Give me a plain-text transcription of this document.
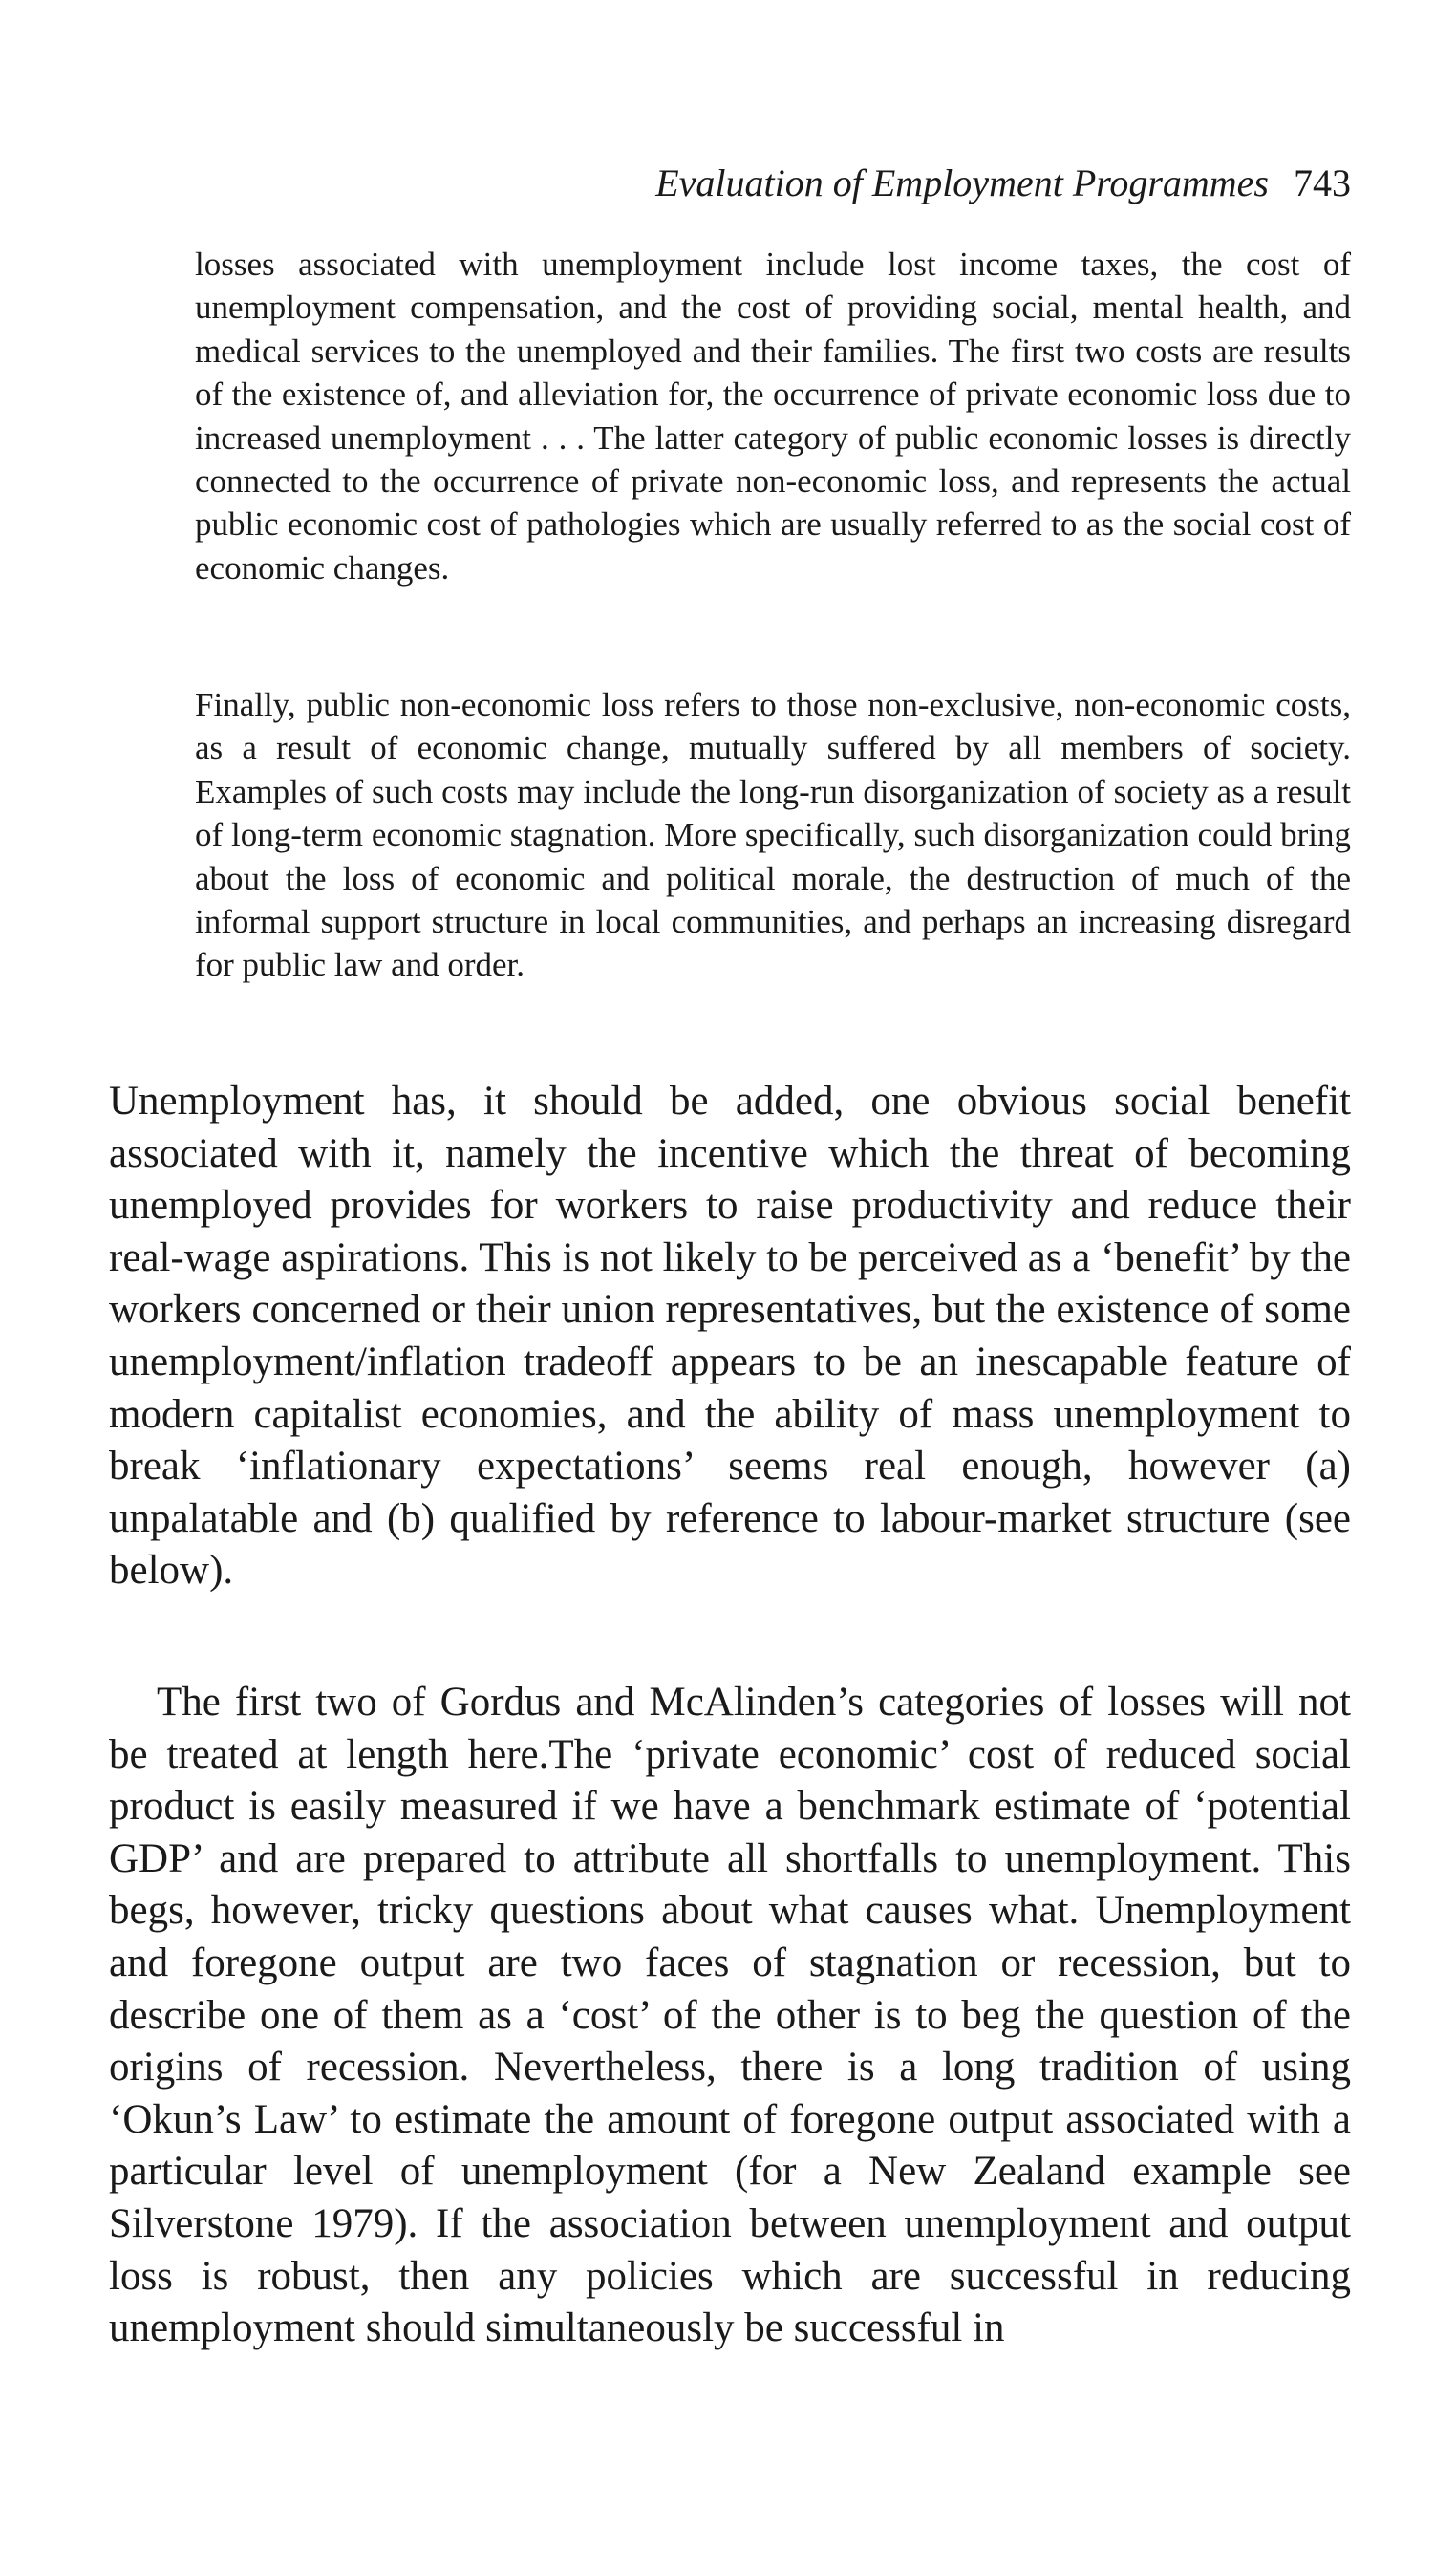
Evaluation of Employment Programmes 743

losses associated with unemployment include lost income taxes, the cost of unemployment compensation, and the cost of providing social, mental health, and medical services to the unemployed and their families. The first two costs are results of the existence of, and alleviation for, the occurrence of private economic loss due to increased unemployment . . . The latter category of public economic losses is directly connected to the occurrence of private non-economic loss, and represents the actual public economic cost of pathologies which are usually referred to as the social cost of economic changes.

Finally, public non-economic loss refers to those non-exclusive, non-economic costs, as a result of economic change, mutually suffered by all members of society. Examples of such costs may include the long-run disorganization of society as a result of long-term economic stagnation. More specifically, such disorganization could bring about the loss of economic and political morale, the destruction of much of the informal support structure in local communities, and perhaps an increasing disregard for public law and order.

Unemployment has, it should be added, one obvious social benefit associated with it, namely the incentive which the threat of becoming unemployed provides for workers to raise productivity and reduce their real-wage aspirations. This is not likely to be perceived as a ‘benefit’ by the workers concerned or their union representatives, but the existence of some unemployment/inflation tradeoff appears to be an inescapable feature of modern capitalist economies, and the ability of mass unemployment to break ‘inflationary expectations’ seems real enough, however (a) unpalatable and (b) qualified by reference to labour-market structure (see below).

The first two of Gordus and McAlinden’s categories of losses will not be treated at length here.The ‘private economic’ cost of reduced social product is easily measured if we have a benchmark estimate of ‘potential GDP’ and are prepared to attribute all shortfalls to unemployment. This begs, however, tricky questions about what causes what. Unemployment and foregone output are two faces of stagnation or recession, but to describe one of them as a ‘cost’ of the other is to beg the question of the origins of recession. Nevertheless, there is a long tradition of using ‘Okun’s Law’ to estimate the amount of foregone output associated with a particular level of unemployment (for a New Zealand example see Silverstone 1979). If the association between unemployment and output loss is robust, then any policies which are successful in reducing unemployment should simultaneously be successful in
